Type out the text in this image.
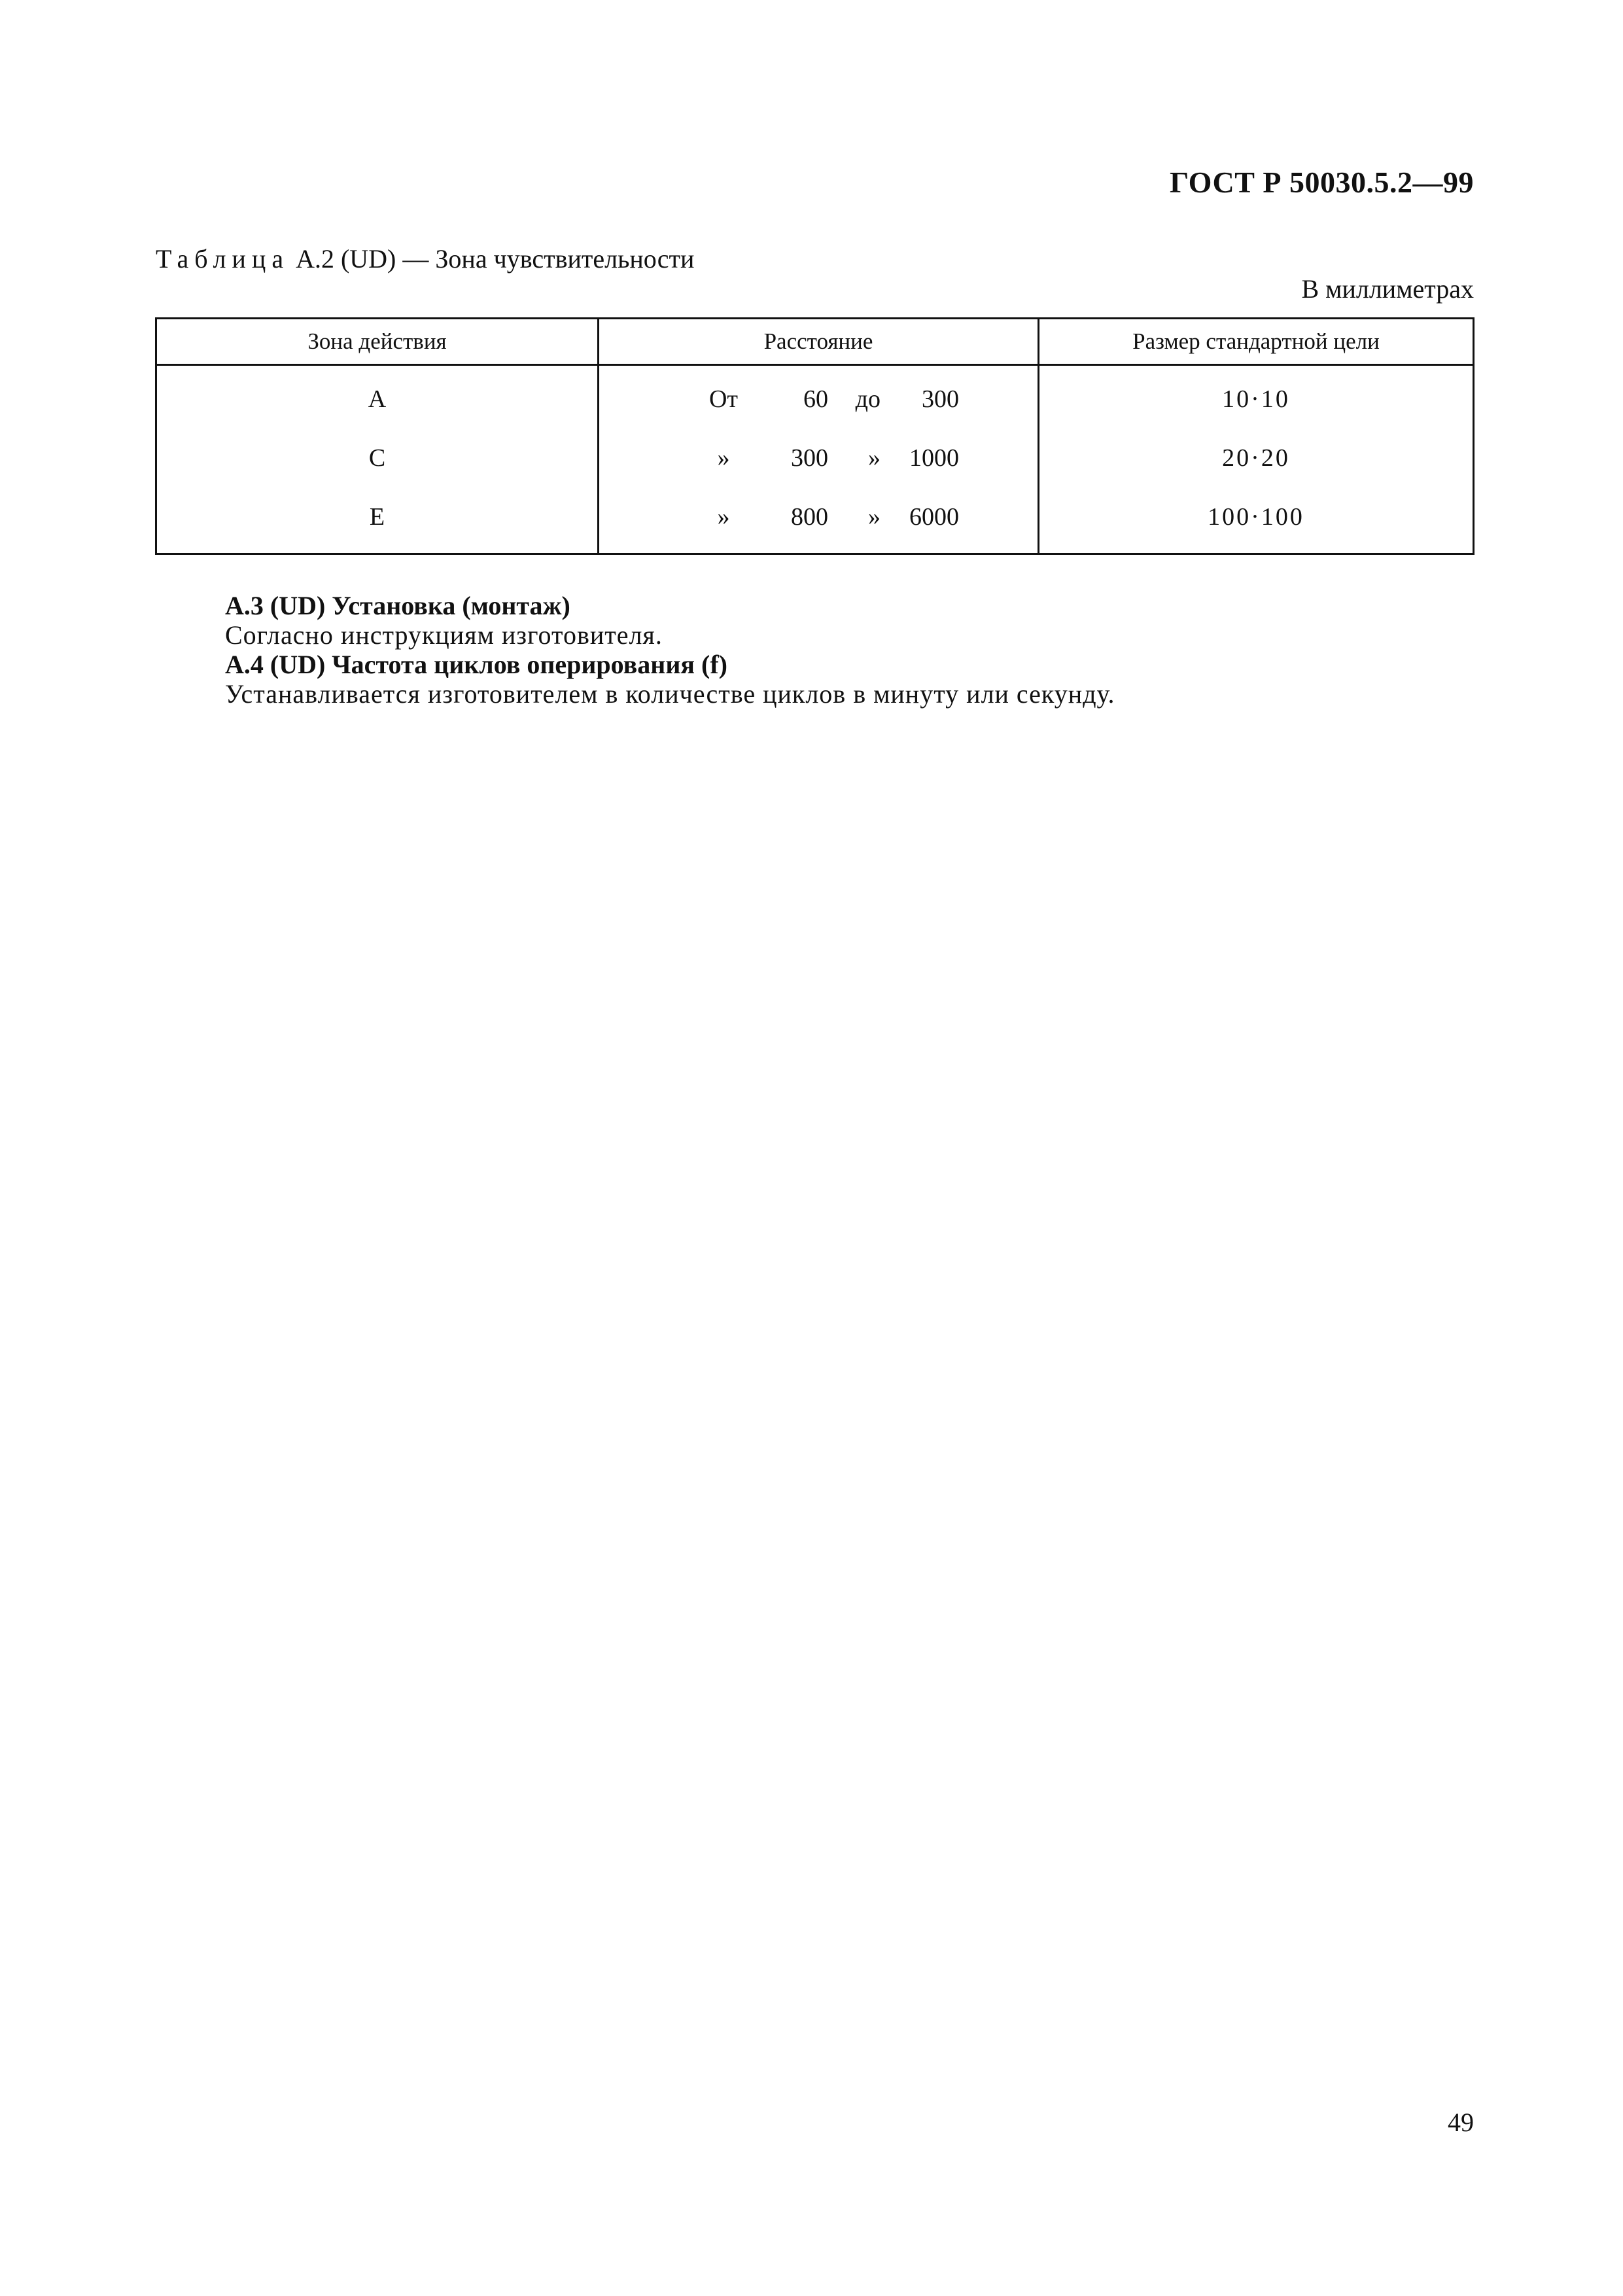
ГОСТ Р 50030.5.2—99
Таблица А.2 (UD) — Зона чувствительности
В миллиметрах
Зона действия	Расстояние	Размер стандартной цели
A	От 60 до 300	10·10
C	» 300 » 1000	20·20
E	» 800 » 6000	100·100
А.3 (UD) Установка (монтаж)
Согласно инструкциям изготовителя.
А.4 (UD) Частота циклов оперирования (f)
Устанавливается изготовителем в количестве циклов в минуту или секунду.
49
